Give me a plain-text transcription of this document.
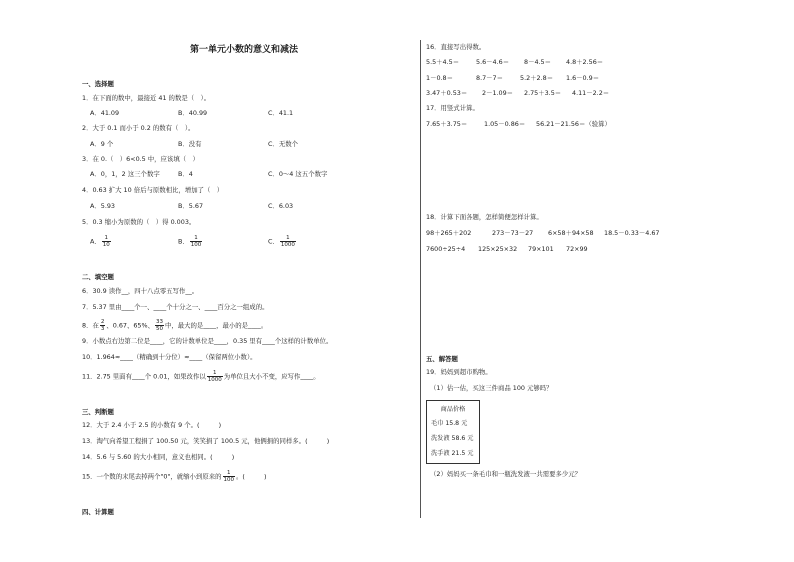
第一单元小数的意义和减法
一、选择题
1．在下面的数中，最接近 41 的数是（　）。
A．41.09	B．40.99	C．41.1
2．大于 0.1 而小于 0.2 的数有（　）。
A．9 个	B．没有	C．无数个
3．在 0.（　）6<0.5 中，应该填（　）
A．0，1，2 这三个数字	B．4	C．0～4 这五个数字
4．0.63 扩大 10 倍后与原数相比，增加了（　）
A．5.93	B．5.67	C．6.03
5．0.3 缩小为原数的（　）得 0.003。
A． $\frac{1}{10}$	B． $\frac{1}{100}$	C． $\frac{1}{1000}$
二、填空题
6．30.9 读作__，四十八点零五写作__。
7．5.37 里由____个一、____个十分之一、____百分之一组成的。
8．在 $\frac{2}{3}$ 、0.67、65%、 $\frac{33}{50}$ 中，最大的是____，最小的是____。
9．小数点右边第二位是____，它的计数单位是____，0.35 里有____个这样的计数单位。
10．1.964≈____（精确到十分位）≈____（保留两位小数）。
11．2.75 里面有____个 0.01，如果改作以 $\frac{1}{1000}$ 为单位且大小不变，应写作____。
三、判断题
12．大于 2.4 小于 2.5 的小数有 9 个。(　　　)
13．淘气向希望工程捐了 100.50 元，笑笑捐了 100.5 元，他俩捐的同样多。(　　　)
14．5.6 与 5.60 的大小相同，意义也相同。(　　　)
15．一个数的末尾去掉两个"0"，就缩小到原来的 $\frac{1}{100}$ 。(　　　)
四、计算题
16．直接写出得数。
5.5＋4.5＝	5.6－4.6＝ 8－4.5＝ 4.8＋2.56＝
1－0.8＝	8.7－7＝	5.2＋2.8＝ 1.6－0.9＝
3.47＋0.53＝ 2－1.09＝ 2.75＋3.5＝ 4.11－2.2＝
17．用竖式计算。
7.65＋3.75＝	1.05－0.86＝ 56.21－21.56＝（验算）
18．计算下面各题，怎样简便怎样计算。
98＋265＋202	273－73－27 6×58＋94×58 18.5－0.33－4.67
7600÷25÷4 125×25×32 79×101 72×99
五、解答题
19．妈妈到超市购物。
（1）估一估，买这三件商品 100 元够吗？
商品价格
毛巾 15.8 元
洗发液 58.6 元
洗手液 21.5 元
（2）妈妈买一条毛巾和一瓶洗发液一共需要多少元？
